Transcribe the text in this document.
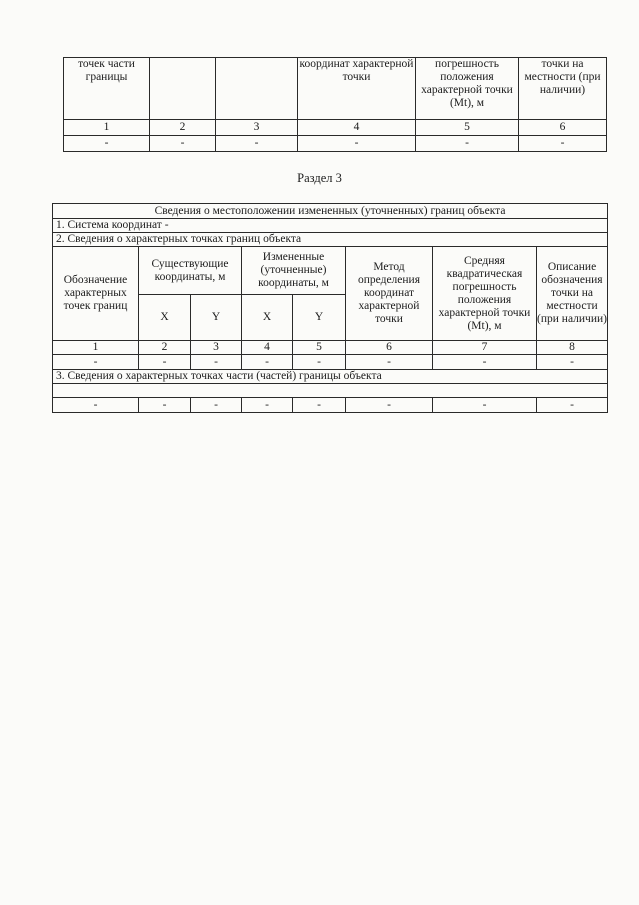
точек части границы			координат характерной точки	погрешность положения характерной точки (Mt), м	точки на местности (при наличии)
1	2	3	4	5	6
-	-	-	-	-	-
Раздел 3
Сведения о местоположении измененных (уточненных) границ объекта							
1. Система координат -							
2. Сведения о характерных точках границ объекта							
Обозначение характерных точек границ	Существующие координаты, м		Измененные (уточненные) координаты, м		Метод определения координат характерной точки	Средняя квадратическая погрешность положения характерной точки (Mt), м	Описание обозначения точки на местности (при наличии)
	X	Y	X	Y			
1	2	3	4	5	6	7	8
-	-	-	-	-	-	-	-
3. Сведения о характерных точках части (частей) границы объекта							

-	-	-	-	-	-	-	-
